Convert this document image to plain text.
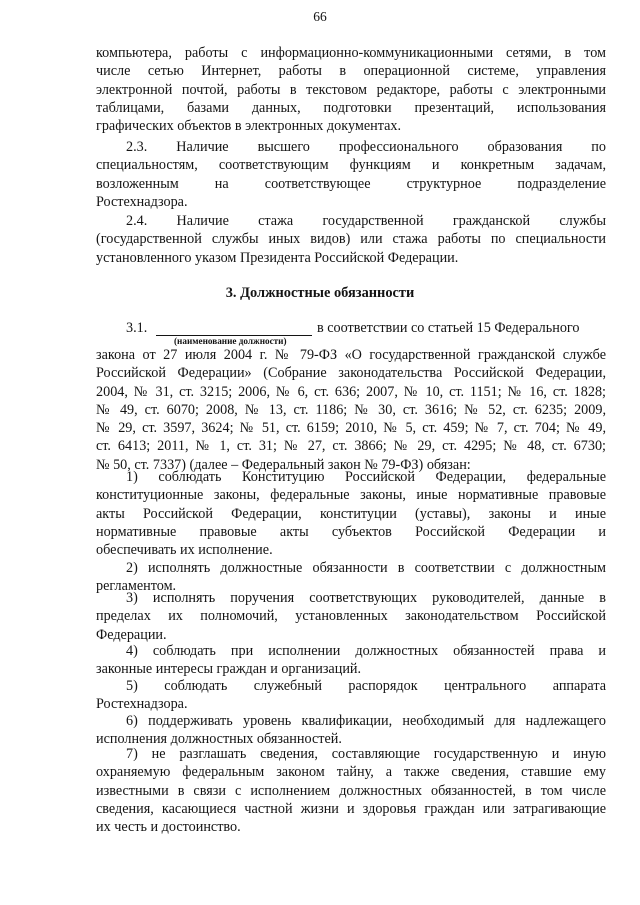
66
компьютера, работы с информационно-коммуникационными сетями, в том
числе сетью Интернет, работы в операционной системе, управления
электронной почтой, работы в текстовом редакторе, работы с электронными
таблицами, базами данных, подготовки презентаций, использования
графических объектов в электронных документах.
2.3. Наличие высшего профессионального образования по
специальностям, соответствующим функциям и конкретным задачам,
возложенным на соответствующее структурное подразделение
Ростехнадзора.
2.4. Наличие стажа государственной гражданской службы
(государственной службы иных видов) или стажа работы по специальности
установленного указом Президента Российской Федерации.
3. Должностные обязанности
3.1.
(наименование должности)
в соответствии со статьей 15 Федерального
закона от 27 июля 2004 г. № 79-ФЗ «О государственной гражданской службе
Российской Федерации» (Собрание законодательства Российской Федерации,
2004, № 31, ст. 3215; 2006, № 6, ст. 636; 2007, № 10, ст. 1151; № 16, ст. 1828;
№ 49, ст. 6070; 2008, № 13, ст. 1186; № 30, ст. 3616; № 52, ст. 6235; 2009,
№ 29, ст. 3597, 3624; № 51, ст. 6159; 2010, № 5, ст. 459; № 7, ст. 704; № 49,
ст. 6413; 2011, № 1, ст. 31; № 27, ст. 3866; № 29, ст. 4295; № 48, ст. 6730;
№ 50, ст. 7337) (далее – Федеральный закон № 79-ФЗ) обязан:
1) соблюдать Конституцию Российской Федерации, федеральные
конституционные законы, федеральные законы, иные нормативные правовые
акты Российской Федерации, конституции (уставы), законы и иные
нормативные правовые акты субъектов Российской Федерации и
обеспечивать их исполнение.
2) исполнять должностные обязанности в соответствии с должностным
регламентом.
3) исполнять поручения соответствующих руководителей, данные в
пределах их полномочий, установленных законодательством Российской
Федерации.
4) соблюдать при исполнении должностных обязанностей права и
законные интересы граждан и организаций.
5) соблюдать служебный распорядок центрального аппарата
Ростехнадзора.
6) поддерживать уровень квалификации, необходимый для надлежащего
исполнения должностных обязанностей.
7) не разглашать сведения, составляющие государственную и иную
охраняемую федеральным законом тайну, а также сведения, ставшие ему
известными в связи с исполнением должностных обязанностей, в том числе
сведения, касающиеся частной жизни и здоровья граждан или затрагивающие
их честь и достоинство.
